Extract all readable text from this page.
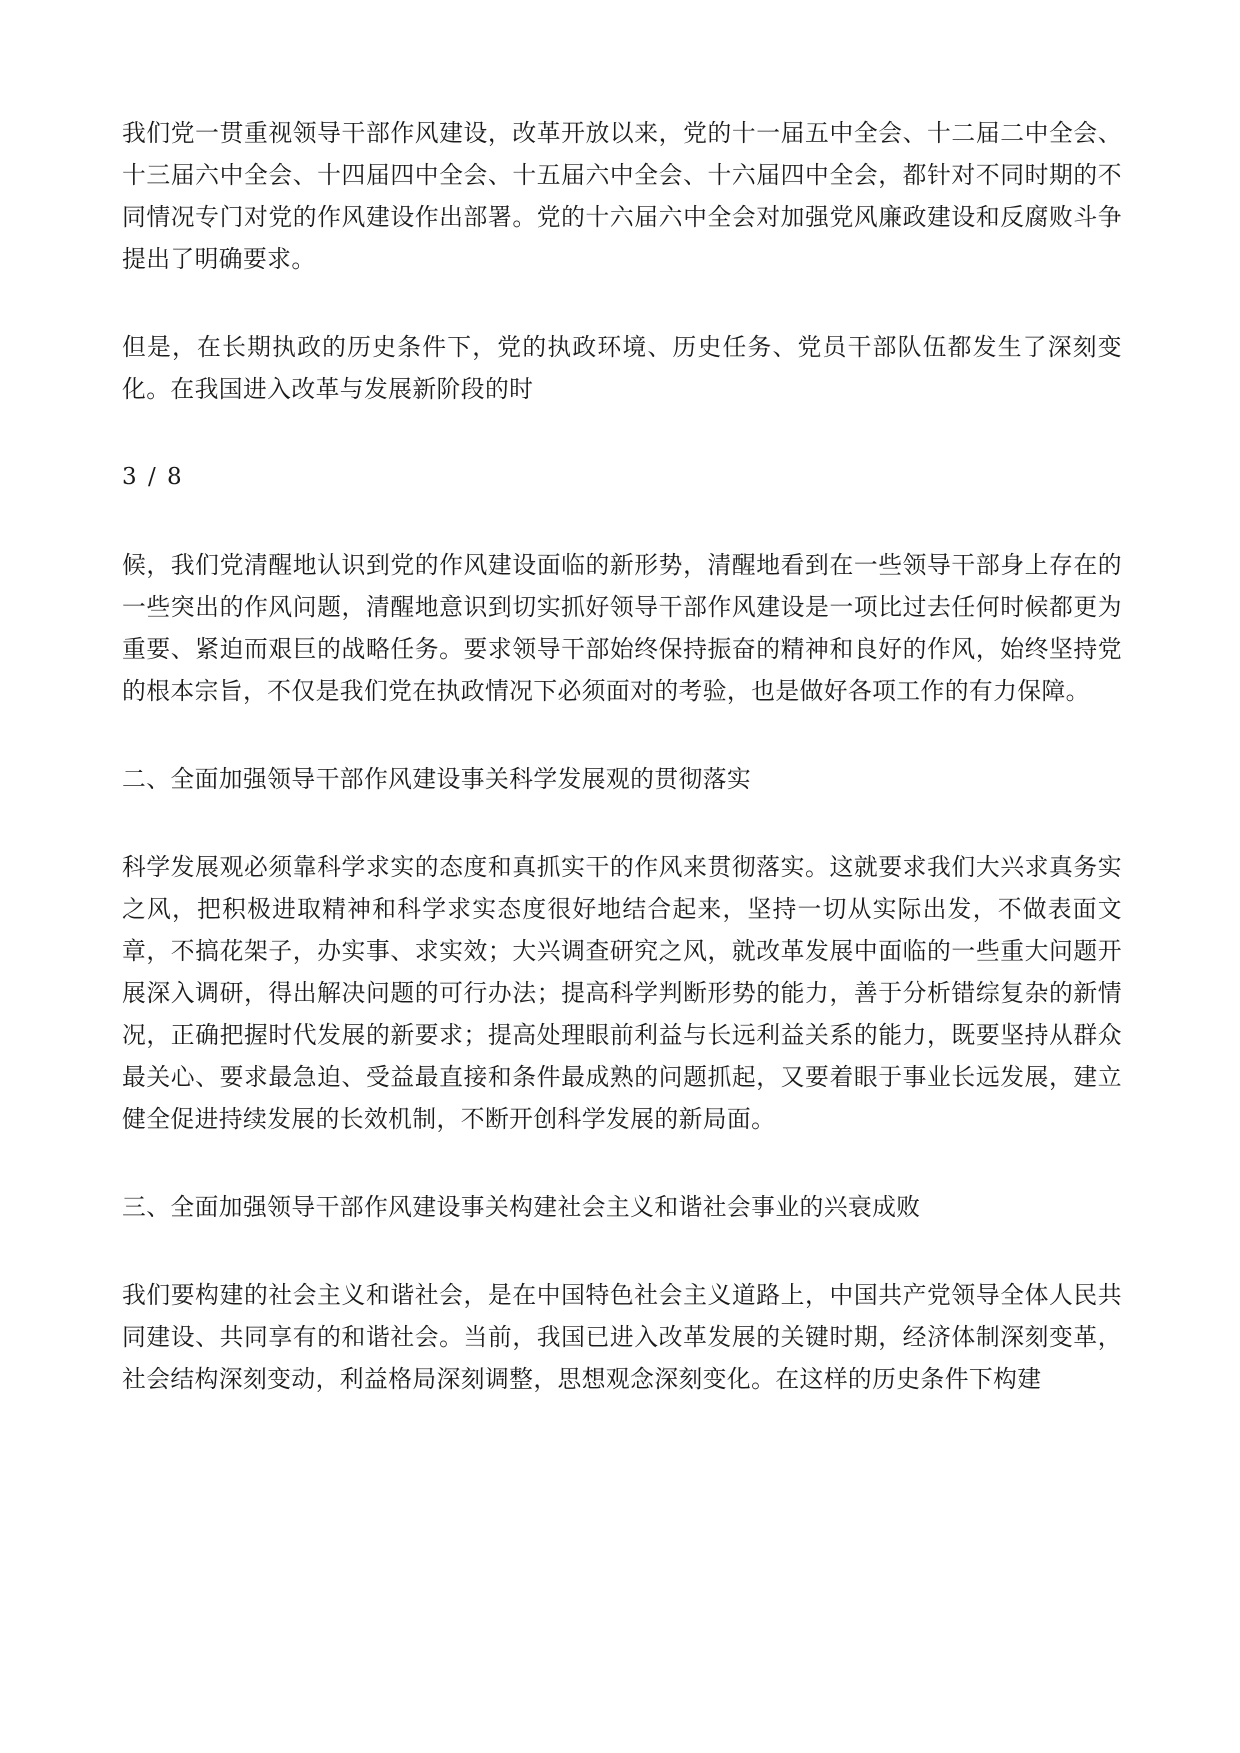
我们党一贯重视领导干部作风建设，改革开放以来，党的十一届五中全会、十二届二中全会、十三届六中全会、十四届四中全会、十五届六中全会、十六届四中全会，都针对不同时期的不同情况专门对党的作风建设作出部署。党的十六届六中全会对加强党风廉政建设和反腐败斗争提出了明确要求。

但是，在长期执政的历史条件下，党的执政环境、历史任务、党员干部队伍都发生了深刻变化。在我国进入改革与发展新阶段的时

3 / 8

候，我们党清醒地认识到党的作风建设面临的新形势，清醒地看到在一些领导干部身上存在的一些突出的作风问题，清醒地意识到切实抓好领导干部作风建设是一项比过去任何时候都更为重要、紧迫而艰巨的战略任务。要求领导干部始终保持振奋的精神和良好的作风，始终坚持党的根本宗旨，不仅是我们党在执政情况下必须面对的考验，也是做好各项工作的有力保障。

二、全面加强领导干部作风建设事关科学发展观的贯彻落实

科学发展观必须靠科学求实的态度和真抓实干的作风来贯彻落实。这就要求我们大兴求真务实之风，把积极进取精神和科学求实态度很好地结合起来，坚持一切从实际出发，不做表面文章，不搞花架子，办实事、求实效；大兴调查研究之风，就改革发展中面临的一些重大问题开展深入调研，得出解决问题的可行办法；提高科学判断形势的能力，善于分析错综复杂的新情况，正确把握时代发展的新要求；提高处理眼前利益与长远利益关系的能力，既要坚持从群众最关心、要求最急迫、受益最直接和条件最成熟的问题抓起，又要着眼于事业长远发展，建立健全促进持续发展的长效机制，不断开创科学发展的新局面。

三、全面加强领导干部作风建设事关构建社会主义和谐社会事业的兴衰成败

我们要构建的社会主义和谐社会，是在中国特色社会主义道路上，中国共产党领导全体人民共同建设、共同享有的和谐社会。当前，我国已进入改革发展的关键时期，经济体制深刻变革，社会结构深刻变动，利益格局深刻调整，思想观念深刻变化。在这样的历史条件下构建
